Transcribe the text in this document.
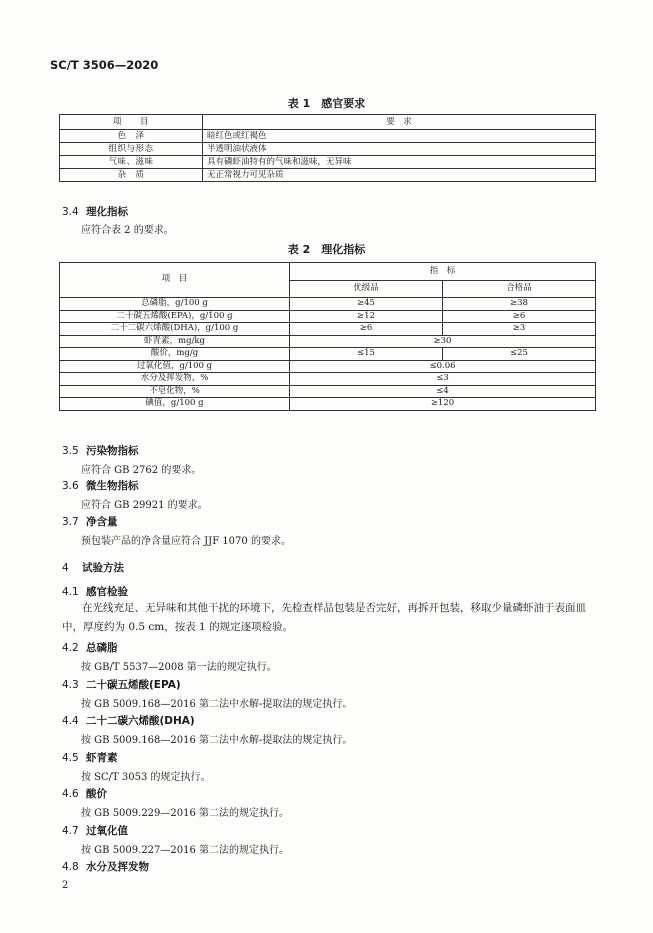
SC/T 3506—2020
表 1　感官要求
项　　目	要　求
色　泽	暗红色或红褐色
组织与形态	半透明油状液体
气味、滋味	具有磷虾油特有的气味和滋味，无异味
杂　质	无正常视力可见杂质
3.4 理化指标
应符合表 2 的要求。
表 2　理化指标
项　目	指　标	
	优级品	合格品
总磷脂，g/100 g	≥45	≥38
二十碳五烯酸(EPA)，g/100 g	≥12	≥6
二十二碳六烯酸(DHA)，g/100 g	≥6	≥3
虾青素，mg/kg	≥30	
酸价，mg/g	≤15	≤25
过氧化值，g/100 g	≤0.06	
水分及挥发物，%	≤3	
不皂化物，%	≤4	
碘值，g/100 g	≥120	
3.5 污染物指标
应符合 GB 2762 的要求。
3.6 微生物指标
应符合 GB 29921 的要求。
3.7 净含量
预包装产品的净含量应符合 JJF 1070 的要求。
4 试验方法
4.1 感官检验
在光线充足、无异味和其他干扰的环境下，先检查样品包装是否完好，再拆开包装，移取少量磷虾油于表面皿中，厚度约为 0.5 cm，按表 1 的规定逐项检验。
4.2 总磷脂
按 GB/T 5537—2008 第一法的规定执行。
4.3 二十碳五烯酸(EPA)
按 GB 5009.168—2016 第二法中水解-提取法的规定执行。
4.4 二十二碳六烯酸(DHA)
按 GB 5009.168—2016 第二法中水解-提取法的规定执行。
4.5 虾青素
按 SC/T 3053 的规定执行。
4.6 酸价
按 GB 5009.229—2016 第二法的规定执行。
4.7 过氧化值
按 GB 5009.227—2016 第二法的规定执行。
4.8 水分及挥发物
2
